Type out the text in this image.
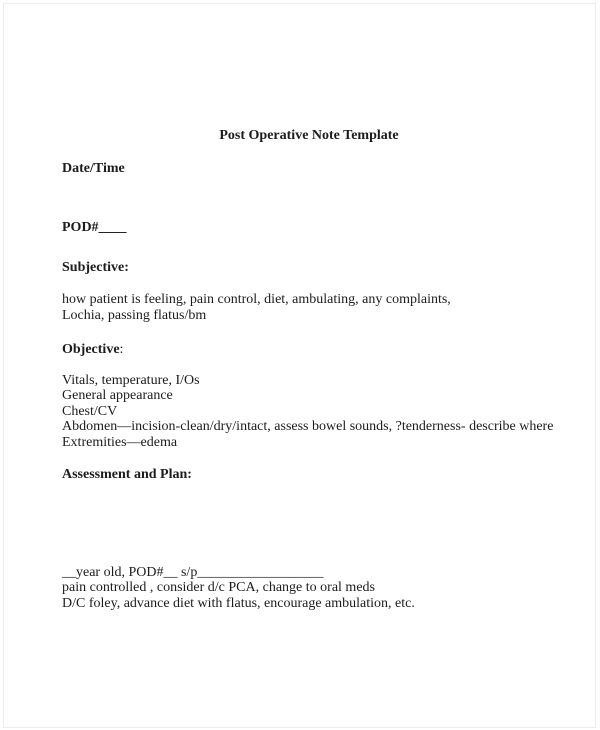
Post Operative Note Template

Date/Time

POD#____

Subjective:

how patient is feeling, pain control, diet, ambulating, any complaints,

Lochia, passing flatus/bm

Objective:

Vitals, temperature, I/Os

General appearance

Chest/CV

Abdomen—incision-clean/dry/intact, assess bowel sounds, ?tenderness- describe where

Extremities—edema

Assessment and Plan:

__year old, POD#__ s/p__________________

pain controlled , consider d/c PCA, change to oral meds

D/C foley, advance diet with flatus, encourage ambulation, etc.
